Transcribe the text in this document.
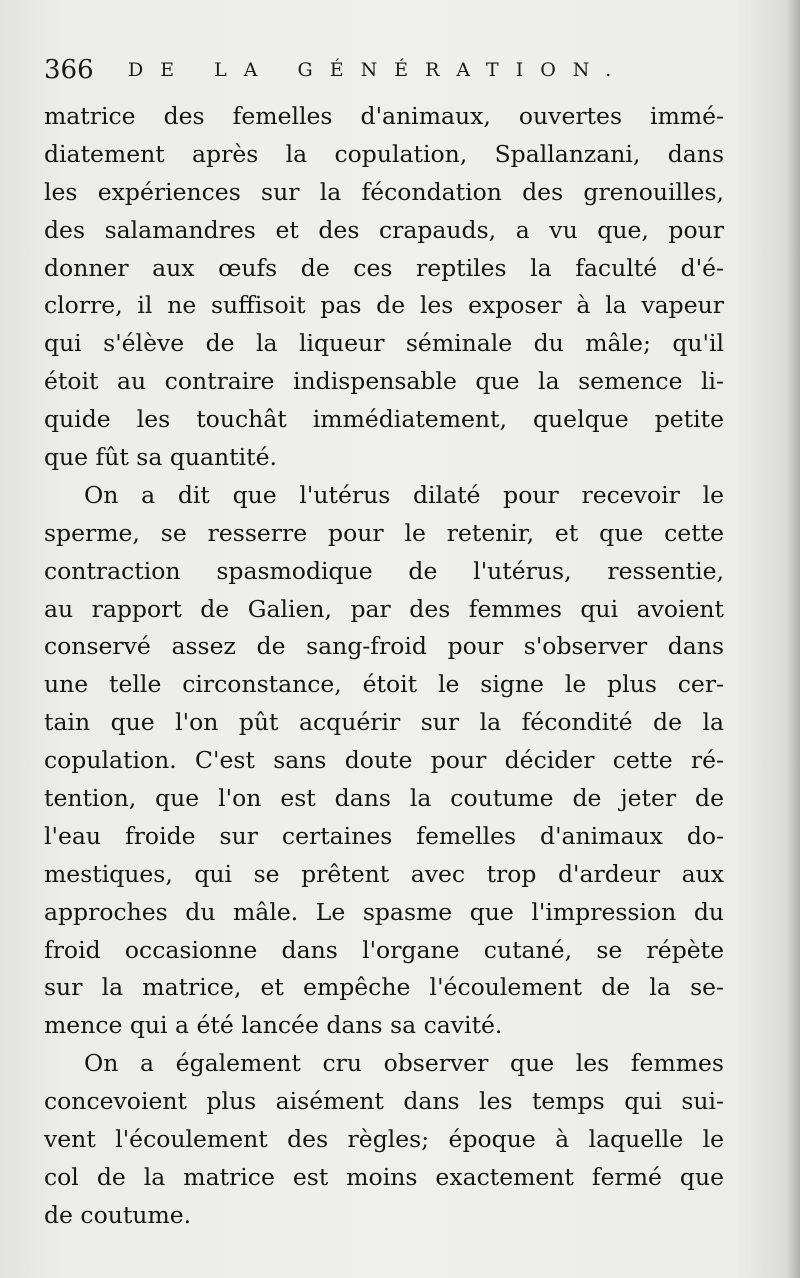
366 DE LA GÉNÉRATION.
matrice des femelles d'animaux, ouvertes immé-
diatement après la copulation, Spallanzani, dans
les expériences sur la fécondation des grenouilles,
des salamandres et des crapauds, a vu que, pour
donner aux œufs de ces reptiles la faculté d'é-
clorre, il ne suffisoit pas de les exposer à la vapeur
qui s'élève de la liqueur séminale du mâle; qu'il
étoit au contraire indispensable que la semence li-
quide les touchât immédiatement, quelque petite
que fût sa quantité.
On a dit que l'utérus dilaté pour recevoir le
sperme, se resserre pour le retenir, et que cette
contraction spasmodique de l'utérus, ressentie,
au rapport de Galien, par des femmes qui avoient
conservé assez de sang-froid pour s'observer dans
une telle circonstance, étoit le signe le plus cer-
tain que l'on pût acquérir sur la fécondité de la
copulation. C'est sans doute pour décider cette ré-
tention, que l'on est dans la coutume de jeter de
l'eau froide sur certaines femelles d'animaux do-
mestiques, qui se prêtent avec trop d'ardeur aux
approches du mâle. Le spasme que l'impression du
froid occasionne dans l'organe cutané, se répète
sur la matrice, et empêche l'écoulement de la se-
mence qui a été lancée dans sa cavité.
On a également cru observer que les femmes
concevoient plus aisément dans les temps qui sui-
vent l'écoulement des règles; époque à laquelle le
col de la matrice est moins exactement fermé que
de coutume.
